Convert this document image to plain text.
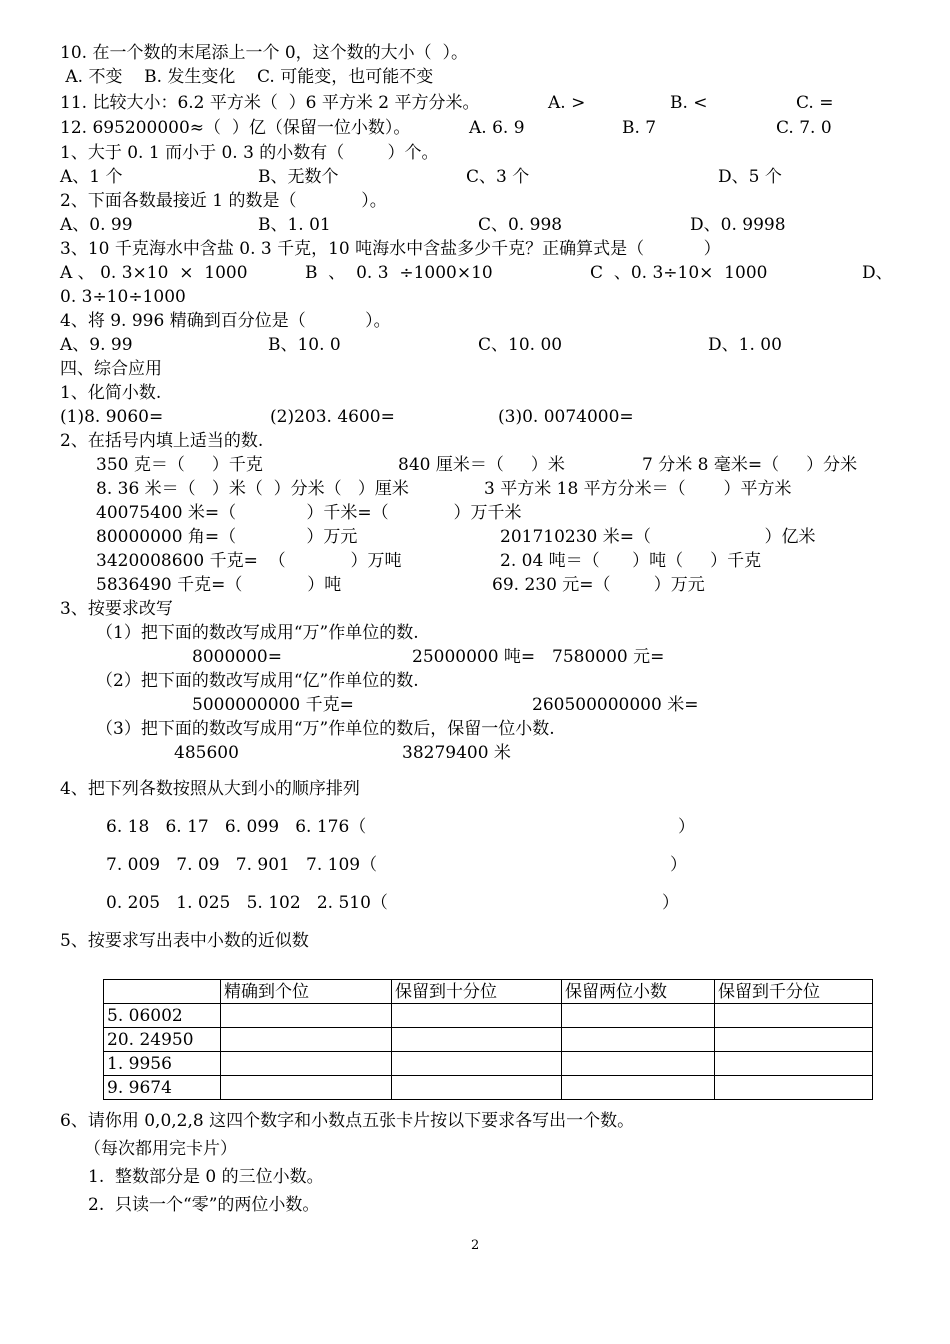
10. 在一个数的末尾添上一个 0，这个数的大小（  ）。
A. 不变    B. 发生变化    C. 可能变，也可能不变
11. 比较大小：6.2 平方米（  ）6 平方米 2 平方分米。	A. >	B. <	C. =
12. 695200000≈（  ）亿（保留一位小数）。	A. 6. 9	B. 7	C. 7. 0
1、大于 0. 1 而小于 0. 3 的小数有（        ）个。
A、1 个	B、无数个	C、3 个	D、5 个
2、下面各数最接近 1 的数是（            ）。
A、0. 99	B、1. 01	C、0. 998	D、0. 9998
3、10 千克海水中含盐 0. 3 千克，10 吨海水中含盐多少千克？正确算式是（           ）
A 、 0. 3×10  ×  1000	B  、  0. 3  ÷1000×10	C  、0. 3÷10×  1000	D、
0. 3÷10÷1000
4、将 9. 996 精确到百分位是（           ）。
A、9. 99	B、10. 0	C、10. 00	D、1. 00
四、综合应用
1、化简小数.
(1)8. 9060=	(2)203. 4600=	(3)0. 0074000=
2、在括号内填上适当的数.
350 克＝（     ）千克	840 厘米＝（     ）米	7 分米 8 毫米=（     ）分米
8. 36 米＝（   ）米（  ）分米（   ）厘米	3 平方米 18 平方分米＝（       ）平方米
40075400 米=（             ）千米=（            ）万千米
80000000 角=（             ）万元	201710230 米=（                     ）亿米
3420008600 千克=  （            ）万吨	2. 04 吨＝（      ）吨（     ）千克
5836490 千克=（            ）吨	69. 230 元=（        ）万元
3、按要求改写
（1）把下面的数改写成用“万”作单位的数.
8000000=	25000000 吨= 7580000 元=
（2）把下面的数改写成用“亿”作单位的数.
5000000000 千克=	260500000000 米=
（3）把下面的数改写成用“万”作单位的数后，保留一位小数.
485600	38279400 米
4、把下列各数按照从大到小的顺序排列
6. 18   6. 17   6. 099   6. 176（	）
7. 009   7. 09   7. 901   7. 109（	）
0. 205   1. 025   5. 102   2. 510（	）
5、按要求写出表中小数的近似数
	精确到个位	保留到十分位	保留两位小数	保留到千分位
5. 06002				
20. 24950				
1. 9956				
9. 9674				
6、请你用 0,0,2,8 这四个数字和小数点五张卡片按以下要求各写出一个数。
（每次都用完卡片）
1.  整数部分是 0 的三位小数。
2.  只读一个“零”的两位小数。
2
